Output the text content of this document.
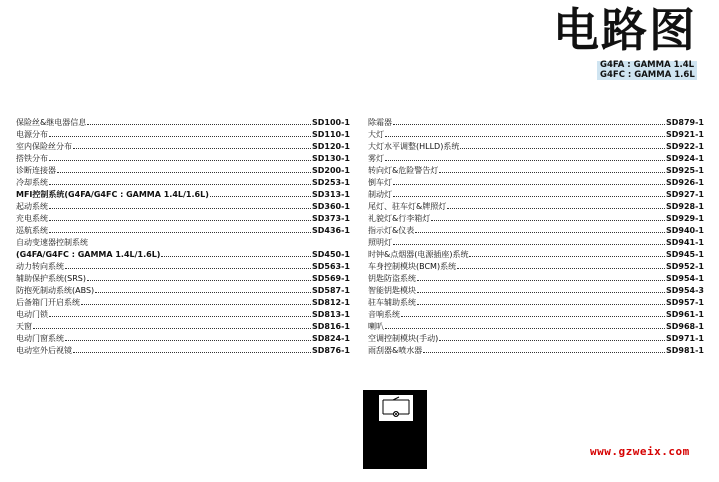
电路图
G4FA : GAMMA 1.4L
G4FC : GAMMA 1.6L
保险丝&继电器信息	SD100-1
电源分布	SD110-1
室内保险丝分布	SD120-1
搭铁分布	SD130-1
诊断连接器	SD200-1
冷却系统	SD253-1
MFI控制系统(G4FA/G4FC : GAMMA 1.4L/1.6L)	SD313-1
起动系统	SD360-1
充电系统	SD373-1
巡航系统	SD436-1
自动变速器控制系统
(G4FA/G4FC : GAMMA 1.4L/1.6L)	SD450-1
动力转向系统	SD563-1
辅助保护系统(SRS)	SD569-1
防抱死制动系统(ABS)	SD587-1
后备箱门开启系统	SD812-1
电动门锁	SD813-1
天窗	SD816-1
电动门窗系统	SD824-1
电动室外后视镜	SD876-1
除霜器	SD879-1
大灯	SD921-1
大灯水平调整(HLLD)系统	SD922-1
雾灯	SD924-1
转向灯&危险警告灯	SD925-1
倒车灯	SD926-1
制动灯	SD927-1
尾灯、驻车灯&牌照灯	SD928-1
礼貌灯&行李箱灯	SD929-1
指示灯&仪表	SD940-1
照明灯	SD941-1
时钟&点烟器(电源插座)系统	SD945-1
车身控制模块(BCM)系统	SD952-1
钥匙防盗系统	SD954-1
智能钥匙模块	SD954-3
驻车辅助系统	SD957-1
音响系统	SD961-1
喇叭	SD968-1
空调控制模块(手动)	SD971-1
雨刮器&喷水器	SD981-1
www.gzweix.com
